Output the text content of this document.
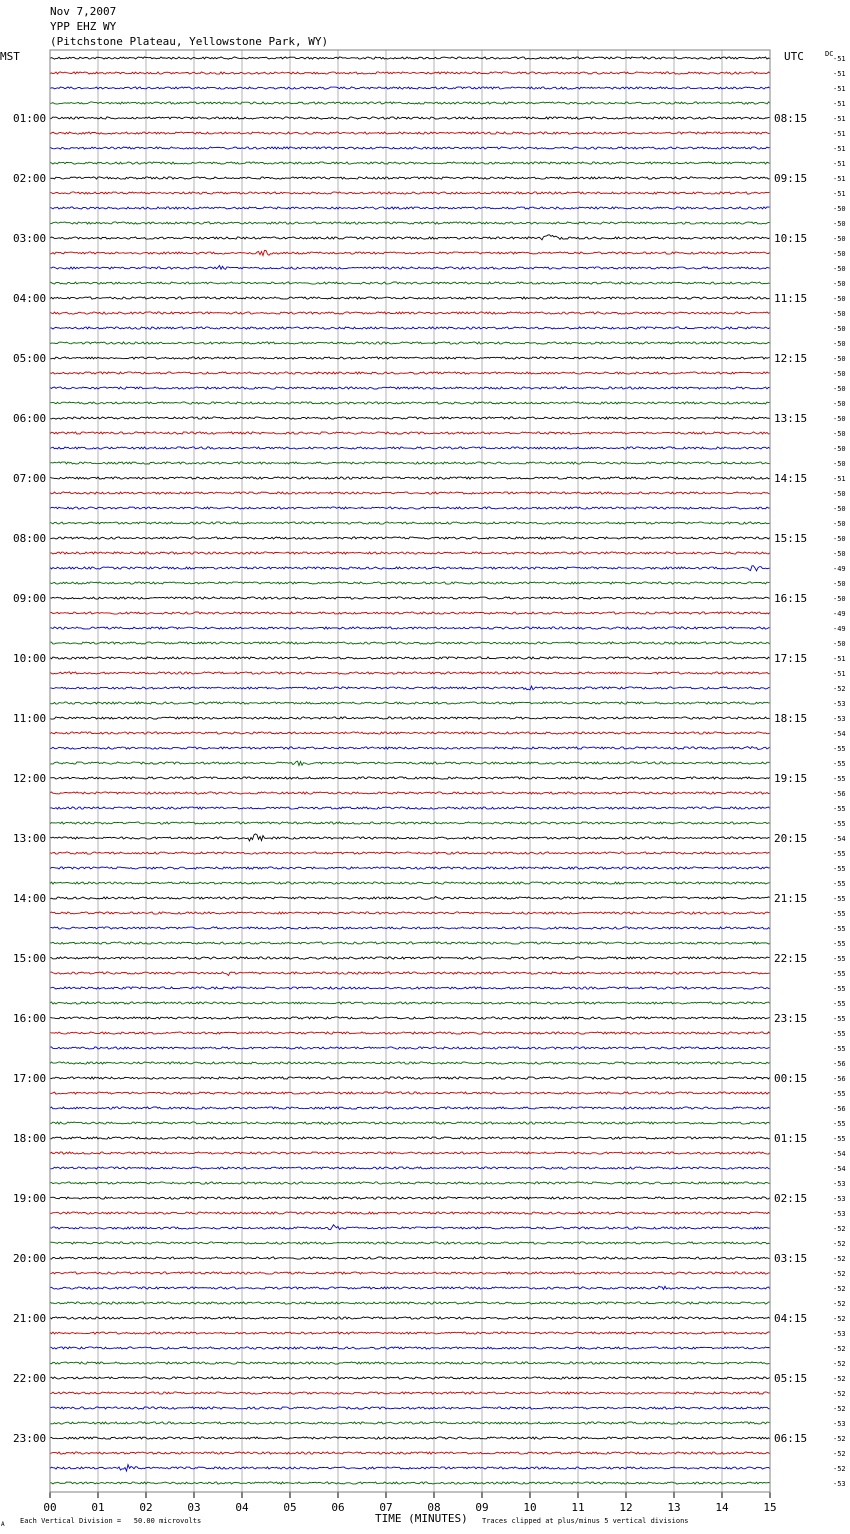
Nov 7,2007
YPP EHZ WY
(Pitchstone Plateau, Yellowstone Park, WY)
01:00
02:00
03:00
04:00
05:00
06:00
07:00
08:00
09:00
10:00
11:00
12:00
13:00
14:00
15:00
16:00
17:00
18:00
19:00
20:00
21:00
22:00
23:00
08:15
09:15
10:15
11:15
12:15
13:15
14:15
15:15
16:15
17:15
18:15
19:15
20:15
21:15
22:15
23:15
00:15
01:15
02:15
03:15
04:15
05:15
06:15
-51
-51
-51
-51
-51
-51
-51
-51
-51
-51
-50
-50
-50
-50
-50
-50
-50
-50
-50
-50
-50
-50
-50
-50
-50
-50
-50
-50
-51
-50
-50
-50
-50
-50
-49
-50
-50
-49
-49
-50
-51
-51
-52
-53
-53
-54
-55
-55
-55
-56
-55
-55
-54
-55
-55
-55
-55
-55
-55
-55
-55
-55
-55
-55
-55
-55
-55
-56
-56
-55
-56
-55
-55
-54
-54
-53
-53
-53
-52
-52
-52
-52
-52
-52
-52
-53
-52
-52
-52
-52
-52
-53
-52
-52
-52
-53
00	01	02	03	04	05	06	07	08	09	10	11	12	13	14	15
MST	UTC	DC
TIME (MINUTES)
Each Vertical Division =   50.00 microvolts	Traces clipped at plus/minus 5 vertical divisions
A
